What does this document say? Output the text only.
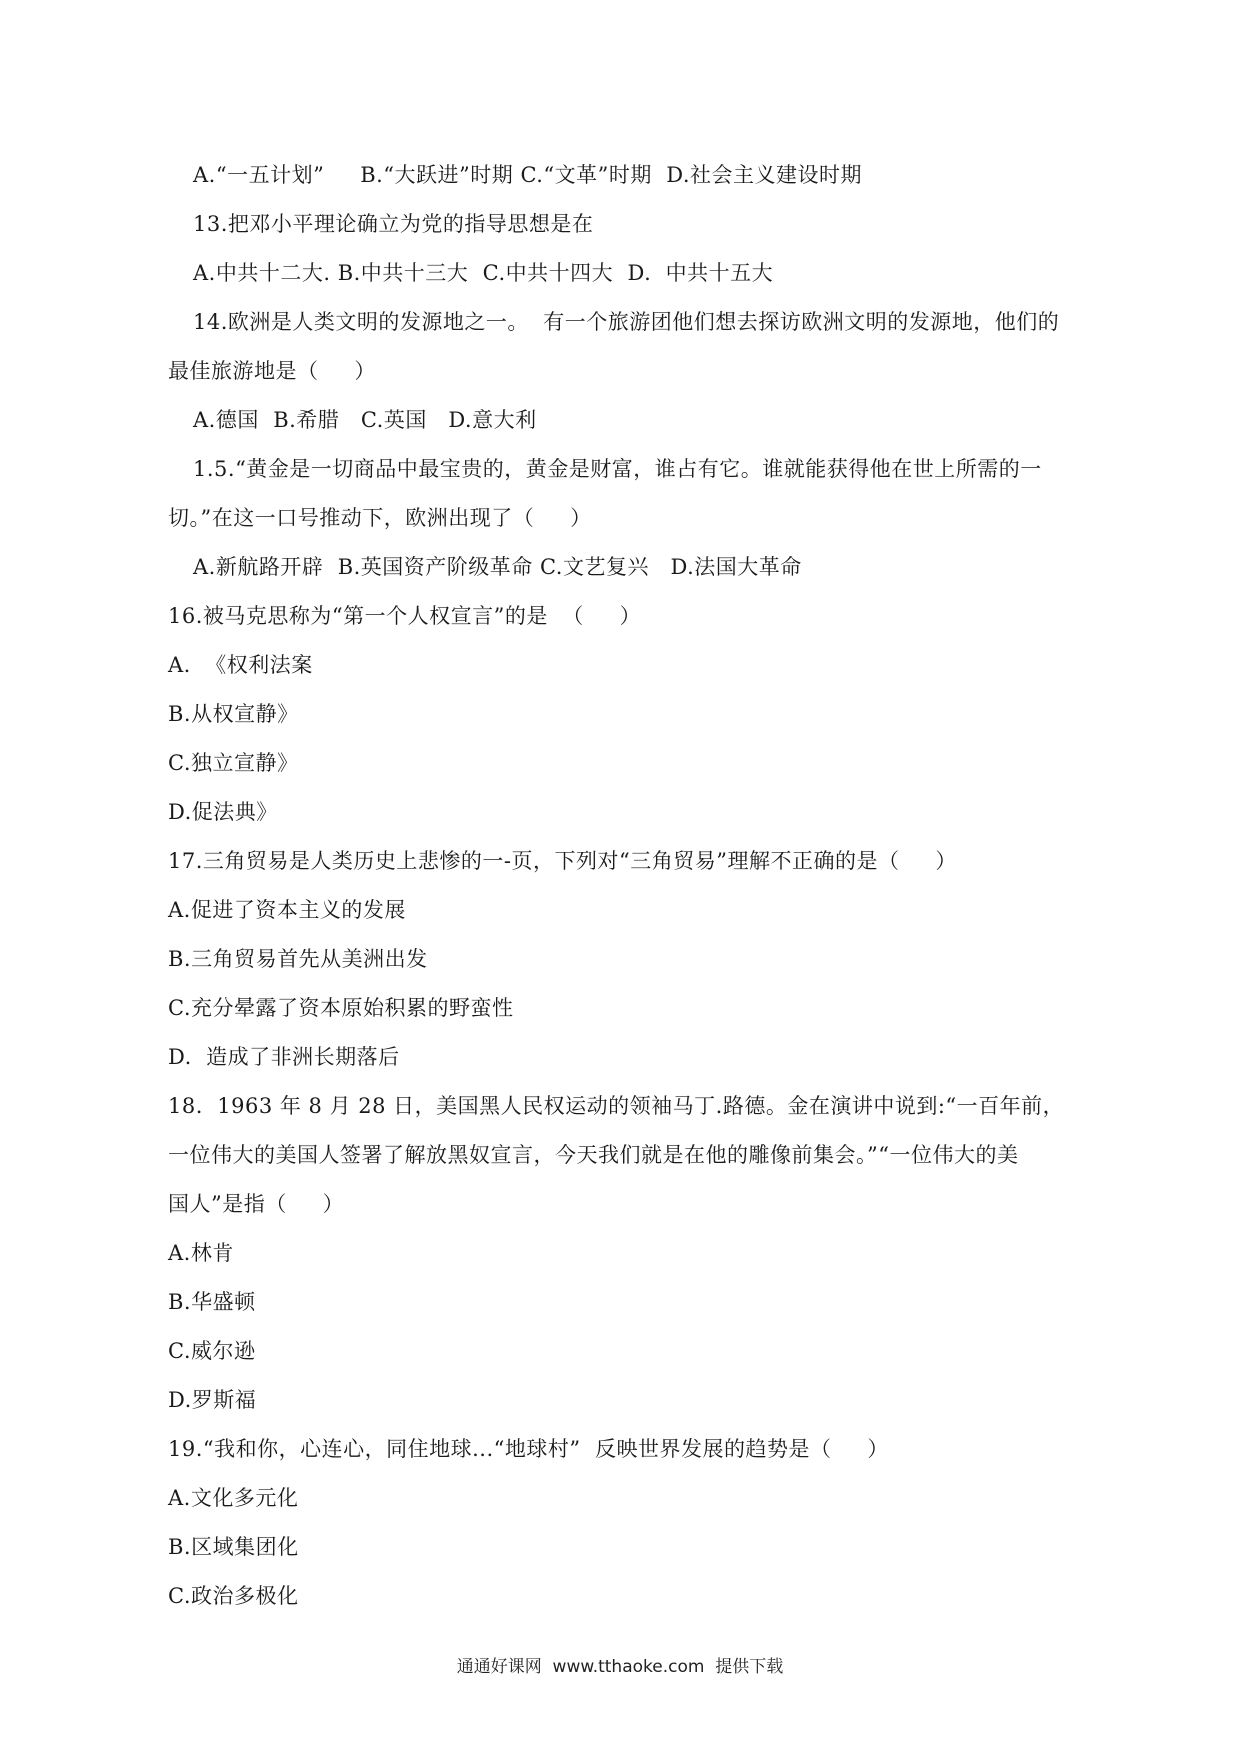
A.“一五计划”     B.“大跃进”时期 C.“文革”时期  D.社会主义建设时期
13.把邓小平理论确立为党的指导思想是在
A.中共十二大. B.中共十三大  C.中共十四大  D.  中共十五大
14.欧洲是人类文明的发源地之一。  有一个旅游团他们想去探访欧洲文明的发源地，他们的
最佳旅游地是（     ）
A.德国  B.希腊   C.英国   D.意大利
1.5.“黄金是一切商品中最宝贵的，黄金是财富，谁占有它。谁就能获得他在世上所需的一
切。”在这一口号推动下，欧洲出现了（     ）
A.新航路开辟  B.英国资产阶级革命 C.文艺复兴   D.法国大革命
16.被马克思称为“第一个人权宣言”的是  （     ）
A.  《权利法案
B.从权宣静》
C.独立宣静》
D.促法典》
17.三角贸易是人类历史上悲惨的一-页，下列对“三角贸易”理解不正确的是（     ）
A.促进了资本主义的发展
B.三角贸易首先从美洲出发
C.充分晕露了资本原始积累的野蛮性
D.  造成了非洲长期落后
18.  1963 年 8 月 28 日，美国黑人民权运动的领袖马丁.路德。金在演讲中说到:“一百年前，
一位伟大的美国人签署了解放黑奴宣言，今天我们就是在他的雕像前集会。”“一位伟大的美
国人”是指（     ）
A.林肯
B.华盛顿
C.威尔逊
D.罗斯福
19.“我和你，心连心，同住地球...“地球村”  反映世界发展的趋势是（     ）
A.文化多元化
B.区域集团化
C.政治多极化
通通好课网  www.tthaoke.com  提供下载
